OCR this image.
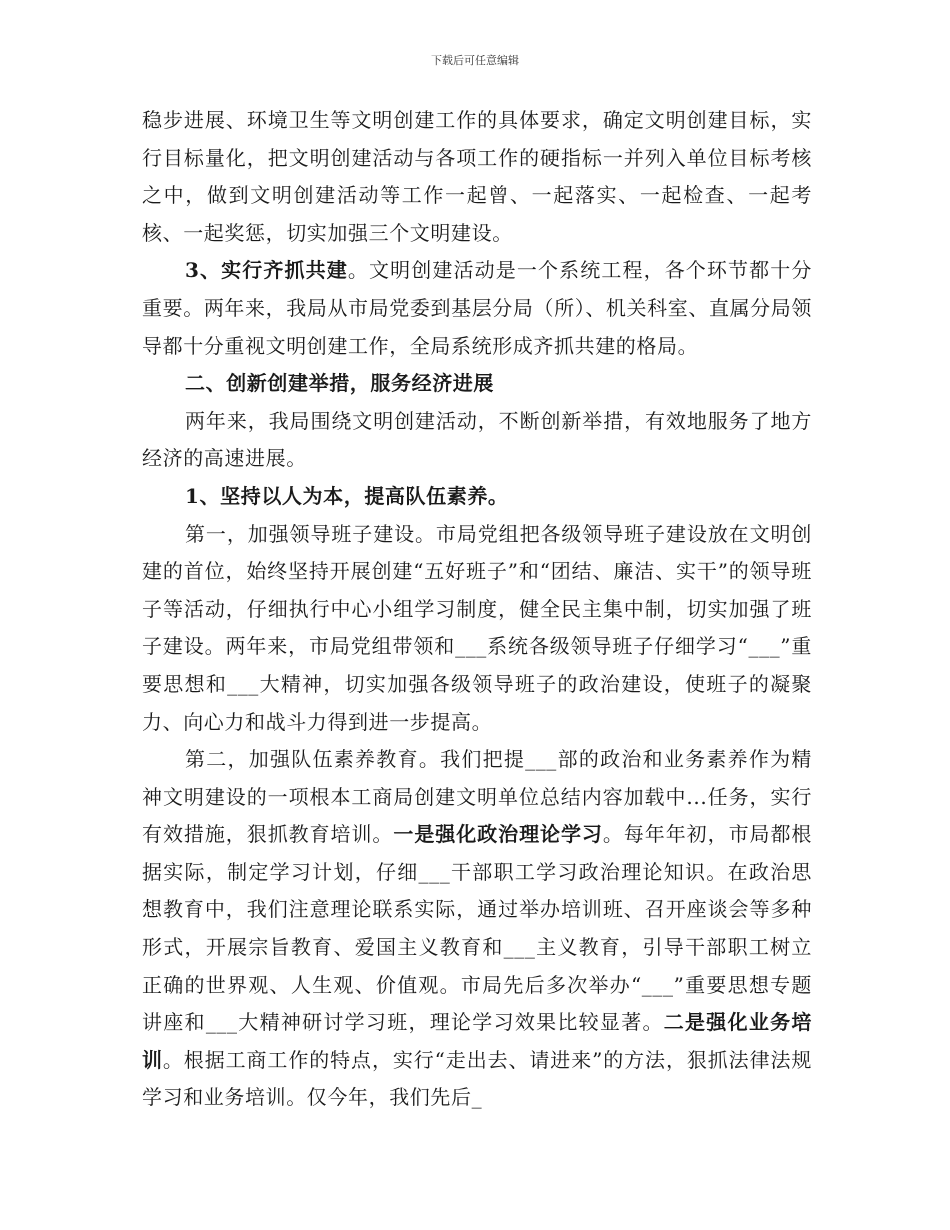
下载后可任意编辑

稳步进展、环境卫生等文明创建工作的具体要求，确定文明创建目标，实行目标量化，把文明创建活动与各项工作的硬指标一并列入单位目标考核之中，做到文明创建活动等工作一起曾、一起落实、一起检查、一起考核、一起奖惩，切实加强三个文明建设。

3、实行齐抓共建。文明创建活动是一个系统工程，各个环节都十分重要。两年来，我局从市局党委到基层分局（所）、机关科室、直属分局领导都十分重视文明创建工作，全局系统形成齐抓共建的格局。

二、创新创建举措，服务经济进展

两年来，我局围绕文明创建活动，不断创新举措，有效地服务了地方经济的高速进展。

1、坚持以人为本，提高队伍素养。

第一，加强领导班子建设。市局党组把各级领导班子建设放在文明创建的首位，始终坚持开展创建“五好班子”和“团结、廉洁、实干”的领导班子等活动，仔细执行中心小组学习制度，健全民主集中制，切实加强了班子建设。两年来，市局党组带领和___系统各级领导班子仔细学习“___”重要思想和___大精神，切实加强各级领导班子的政治建设，使班子的凝聚力、向心力和战斗力得到进一步提高。

第二，加强队伍素养教育。我们把提___部的政治和业务素养作为精神文明建设的一项根本工商局创建文明单位总结内容加载中...任务，实行有效措施，狠抓教育培训。一是强化政治理论学习。每年年初，市局都根据实际，制定学习计划，仔细___干部职工学习政治理论知识。在政治思想教育中，我们注意理论联系实际，通过举办培训班、召开座谈会等多种形式，开展宗旨教育、爱国主义教育和___主义教育，引导干部职工树立正确的世界观、人生观、价值观。市局先后多次举办“___”重要思想专题讲座和___大精神研讨学习班，理论学习效果比较显著。二是强化业务培训。根据工商工作的特点，实行“走出去、请进来”的方法，狠抓法律法规学习和业务培训。仅今年，我们先后_
